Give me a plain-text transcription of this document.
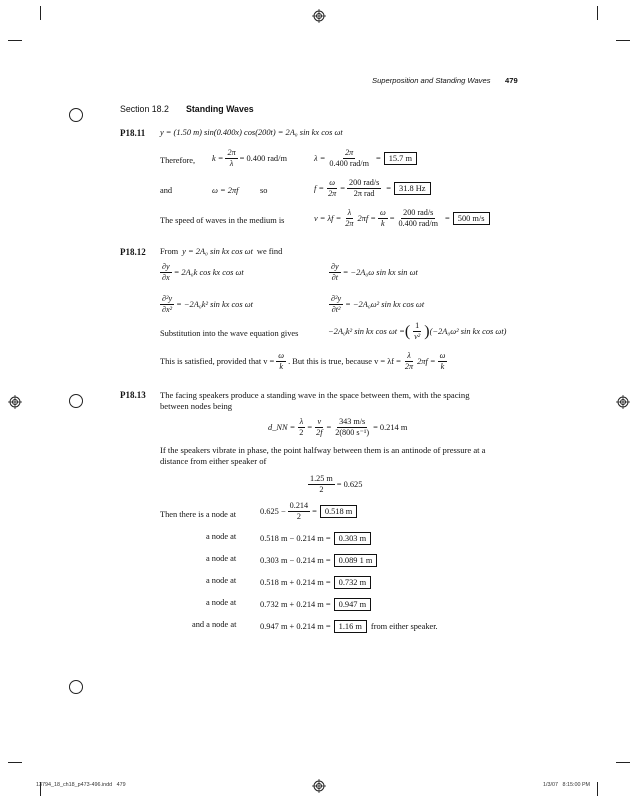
Superposition and Standing Waves 479
Section 18.2 Standing Waves
P18.11 y = (1.50 m) sin(0.400x) cos(200t) = 2A₀ sin kx cos ωt
Therefore, $k = \frac{2\pi}{\lambda} = 0.400$ rad/m	$\lambda = \frac{2\pi}{\text{0.400 rad/m}} = 15.7$ m
and	ω = 2πf	so	$f = \frac{\omega}{2\pi} = \frac{\text{200 rad/s}}{\text{2π rad}} = 31.8$ Hz
The speed of waves in the medium is	$v = \lambda f = \frac{\lambda}{2\pi} 2\pi f = \frac{\omega}{k} = \frac{\text{200 rad/s}}{\text{0.400 rad/m}} = 500$ m/s
P18.12 From y = 2A₀ sin kx cos ωt we find
$\frac{\partial y}{\partial x} = 2A_0k$ cos kx cos ωt	$\frac{\partial y}{\partial t} = -2A_0\omega$ sin kx sin ωt
$\frac{\text{∂²y}}{\text{∂x²}} = -2A_0k^2$ sin kx cos ωt	$\frac{\text{∂²y}}{\text{∂t²}} = -2A_0\omega^2$ sin kx cos ωt
Substitution into the wave equation gives	−2A₀k² sin kx cos ωt = ( $\frac{1}{\text{v²}}$ ) (−2A₀ω² sin kx cos ωt)
This is satisfied, provided that $v = \frac{\omega}{k}$ . But this is true, because $v = \lambda f = \frac{\lambda}{2\pi} 2\pi f = \frac{\omega}{k}$
P18.13 The facing speakers produce a standing wave in the space between them, with the spacing between nodes being
d_NN = $\frac{\lambda}{2} = \frac{v}{2f} = \frac{343 m/s}{\text{2(800 s⁻¹)}} = 0.214$ m
If the speakers vibrate in phase, the point halfway between them is an antinode of pressure at a distance from either speaker of
$\frac{1.25 m}{2} = 0.625$
Then there is a node at	$0.625 - \frac{0.214}{2} = 0.518$ m
a node at	0.518 m − 0.214 m = 0.303 m
a node at	0.303 m − 0.214 m = 0.089 1 m
a node at	0.518 m + 0.214 m = 0.732 m
a node at	0.732 m + 0.214 m = 0.947 m
and a node at	0.947 m + 0.214 m = 1.16 m	from either speaker.
13794_18_ch18_p473-496.indd   479	1/3/07   8:15:00 PM
